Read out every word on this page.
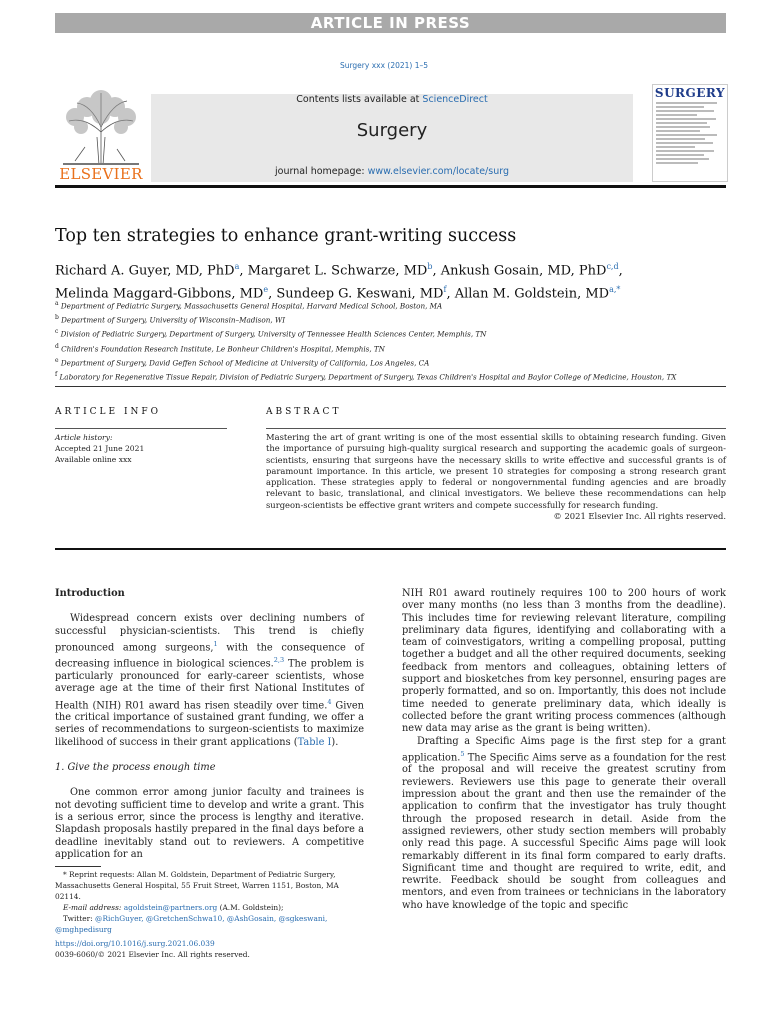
ARTICLE IN PRESS
Surgery xxx (2021) 1–5
ELSEVIER
Contents lists available at ScienceDirect
Surgery
journal homepage: www.elsevier.com/locate/surg
SURGERY
Top ten strategies to enhance grant-writing success
Richard A. Guyer, MD, PhD$^a$, Margaret L. Schwarze, $MD^b$, Ankush Gosain, MD, PhD$^{c,d}$,
Melinda Maggard-Gibbons, MDe, Sundeep G. Keswani, $MD^f$, Allan M. Goldstein, $MD^{a,*}$
$^a$ Department of Pediatric Surgery, Massachusetts General Hospital, Harvard Medical School, Boston, MA
$^b$ Department of Surgery, University of Wisconsin–Madison, WI
$^c$ Division of Pediatric Surgery, Department of Surgery, University of Tennessee Health Sciences Center, Memphis, TN
$^d$ Children's Foundation Research Institute, Le Bonheur Children's Hospital, Memphis, TN
$^e$ Department of Surgery, David Geffen School of Medicine at University of California, Los Angeles, CA
$^f$ Laboratory for Regenerative Tissue Repair, Division of Pediatric Surgery, Department of Surgery, Texas Children's Hospital and Baylor College of Medicine, Houston, TX
ARTICLE INFO	ABSTRACT
Article history:
Accepted 21 June 2021
Available online xxx
Mastering the art of grant writing is one of the most essential skills to obtaining research funding. Given the importance of pursuing high-quality surgical research and supporting the academic goals of surgeon-scientists, ensuring that surgeons have the necessary skills to write effective and successful grants is of paramount importance. In this article, we present 10 strategies for composing a strong research grant application. These strategies apply to federal or nongovernmental funding agencies and are broadly relevant to basic, translational, and clinical investigators. We believe these recommendations can help surgeon-scientists be effective grant writers and compete successfully for research funding.
© 2021 Elsevier Inc. All rights reserved.

Introduction

Widespread concern exists over declining numbers of successful physician-scientists. This trend is chiefly pronounced among surgeons,$^1$ with the consequence of decreasing influence in biological sciences.$^{2,3}$ The problem is particularly pronounced for early-career scientists, whose average age at the time of their first National Institutes of Health (NIH) R01 award has risen steadily over time.$^4$ Given the critical importance of sustained grant funding, we offer a series of recommendations to surgeon-scientists to maximize likelihood of success in their grant applications (Table I).

1. Give the process enough time

One common error among junior faculty and trainees is not devoting sufficient time to develop and write a grant. This is a serious error, since the process is lengthy and iterative. Slapdash proposals hastily prepared in the final days before a deadline inevitably stand out to reviewers. A competitive application for an

* Reprint requests: Allan M. Goldstein, Department of Pediatric Surgery, Massachusetts General Hospital, 55 Fruit Street, Warren 1151, Boston, MA 02114.
E-mail address: agoldstein@partners.org (A.M. Goldstein);
Twitter: @RichGuyer, @GretchenSchwa10, @AshGosain, @sgkeswani, @mghpedisurg
https://doi.org/10.1016/j.surg.2021.06.039
0039-6060/© 2021 Elsevier Inc. All rights reserved.

NIH R01 award routinely requires 100 to 200 hours of work over many months (no less than 3 months from the deadline). This includes time for reviewing relevant literature, compiling preliminary data figures, identifying and collaborating with a team of coinvestigators, writing a compelling proposal, putting together a budget and all the other required documents, seeking feedback from mentors and colleagues, obtaining letters of support and biosketches from key personnel, ensuring pages are properly formatted, and so on. Importantly, this does not include time needed to generate preliminary data, which ideally is collected before the grant writing process commences (although new data may arise as the grant is being written).

Drafting a Specific Aims page is the first step for a grant application.$^5$ The Specific Aims serve as a foundation for the rest of the proposal and will receive the greatest scrutiny from reviewers. Reviewers use this page to generate their overall impression about the grant and then use the remainder of the application to confirm that the investigator has truly thought through the proposed research in detail. Aside from the assigned reviewers, other study section members will probably only read this page. A successful Specific Aims page will look remarkably different in its final form compared to early drafts. Significant time and thought are required to write, edit, and rewrite. Feedback should be sought from colleagues and mentors, and even from trainees or technicians in the laboratory who have knowledge of the topic and specific
